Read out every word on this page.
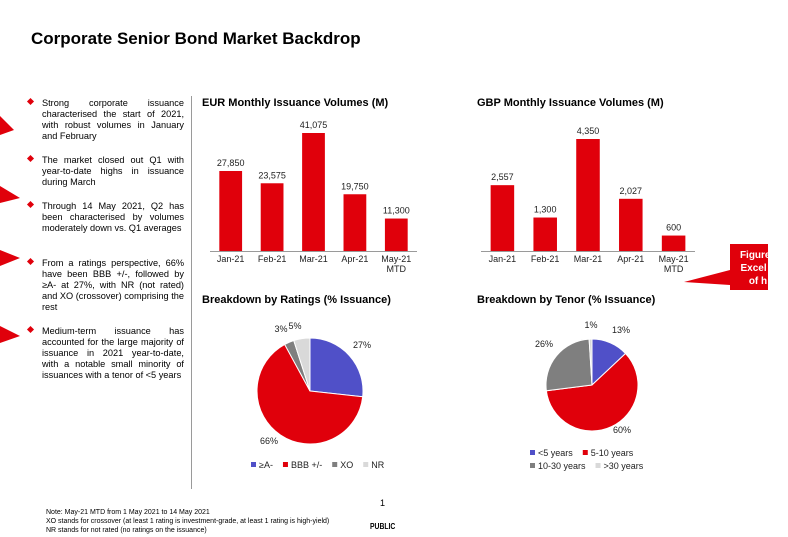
Corporate Senior Bond Market Backdrop
Strong corporate issuance characterised the start of 2021, with robust volumes in January and February
The market closed out Q1 with year-to-date highs in issuance during March
Through 14 May 2021, Q2 has been characterised by volumes moderately down vs. Q1 averages
From a ratings perspective, 66% have been BBB +/-, followed by ≥A- at 27%, with NR (not rated) and XO (crossover) comprising the rest
Medium-term issuance has accounted for the large majority of issuance in 2021 year-to-date, with a notable small minority of issuances with a tenor of <5 years
Figures
Excel T
of h
EUR Monthly Issuance Volumes (M)	GBP Monthly Issuance Volumes (M)
Breakdown by Ratings (% Issuance)	Breakdown by Tenor (% Issuance)
27,850
Jan-21
23,575
Feb-21
41,075
Mar-21
19,750
Apr-21
11,300
May-21
MTD
2,557
Jan-21
1,300
Feb-21
4,350
Mar-21
2,027
Apr-21
600
May-21
MTD
27%
66%
3% 5%
≥A- BBB +/- XO NR
13%
60%
26%
1%
<5 years 5-10 years
10-30 years >30 years
Note: May-21 MTD from 1 May 2021 to 14 May 2021
XO stands for crossover (at least 1 rating is investment-grade, at least 1 rating is high-yield)
NR stands for not rated (no ratings on the issuance)
1
PUBLIC
